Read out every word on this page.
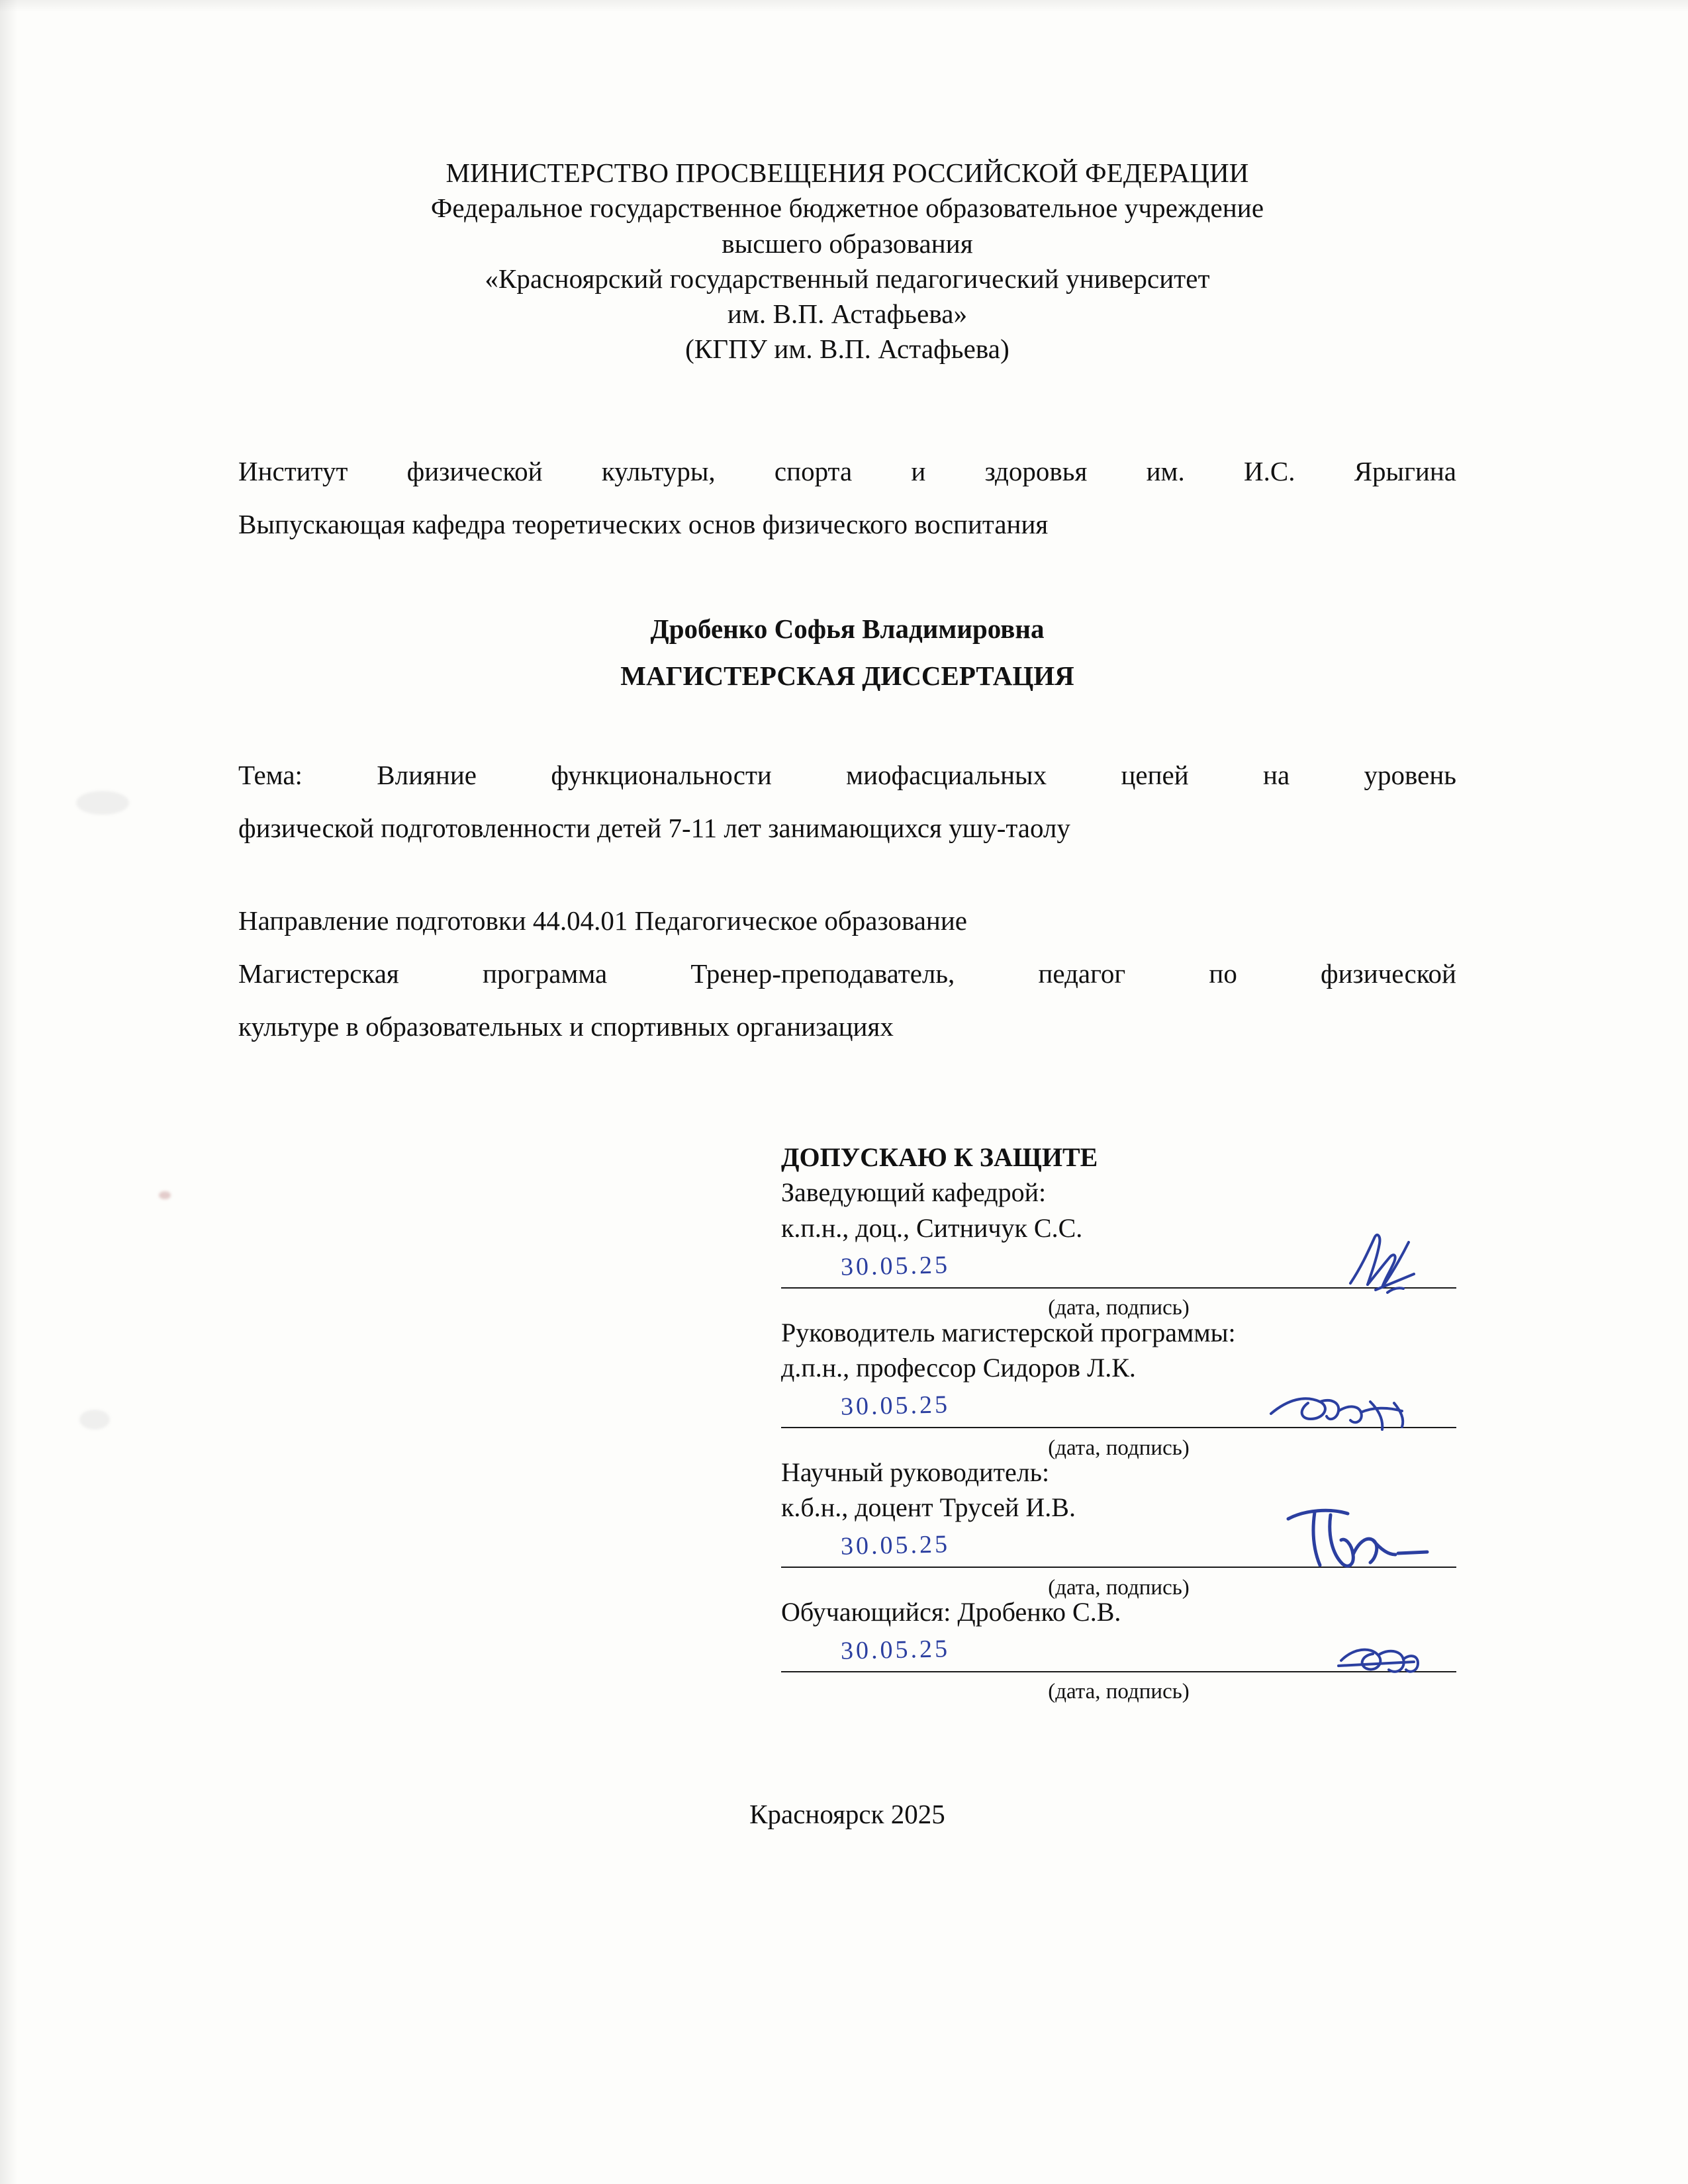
МИНИСТЕРСТВО ПРОСВЕЩЕНИЯ РОССИЙСКОЙ ФЕДЕРАЦИИ
Федеральное государственное бюджетное образовательное учреждение
высшего образования
«Красноярский государственный педагогический университет
им. В.П. Астафьева»
(КГПУ им. В.П. Астафьева)
Институт физической культуры, спорта и здоровья им. И.С. Ярыгина
Выпускающая кафедра теоретических основ физического воспитания
Дробенко Софья Владимировна
МАГИСТЕРСКАЯ ДИССЕРТАЦИЯ
Тема: Влияние функциональности миофасциальных цепей на уровень
физической подготовленности детей 7-11 лет занимающихся ушу-таолу
Направление подготовки 44.04.01 Педагогическое образование
Магистерская программа Тренер-преподаватель, педагог по физической
культуре в образовательных и спортивных организациях
ДОПУСКАЮ К ЗАЩИТЕ
Заведующий кафедрой:
к.п.н., доц., Ситничук С.С.
30.05.25
(дата, подпись)
Руководитель магистерской программы:
д.п.н., профессор Сидоров Л.К.
30.05.25
(дата, подпись)
Научный руководитель:
к.б.н., доцент Трусей И.В.
30.05.25
(дата, подпись)
Обучающийся: Дробенко С.В.
30.05.25
(дата, подпись)
Красноярск 2025
